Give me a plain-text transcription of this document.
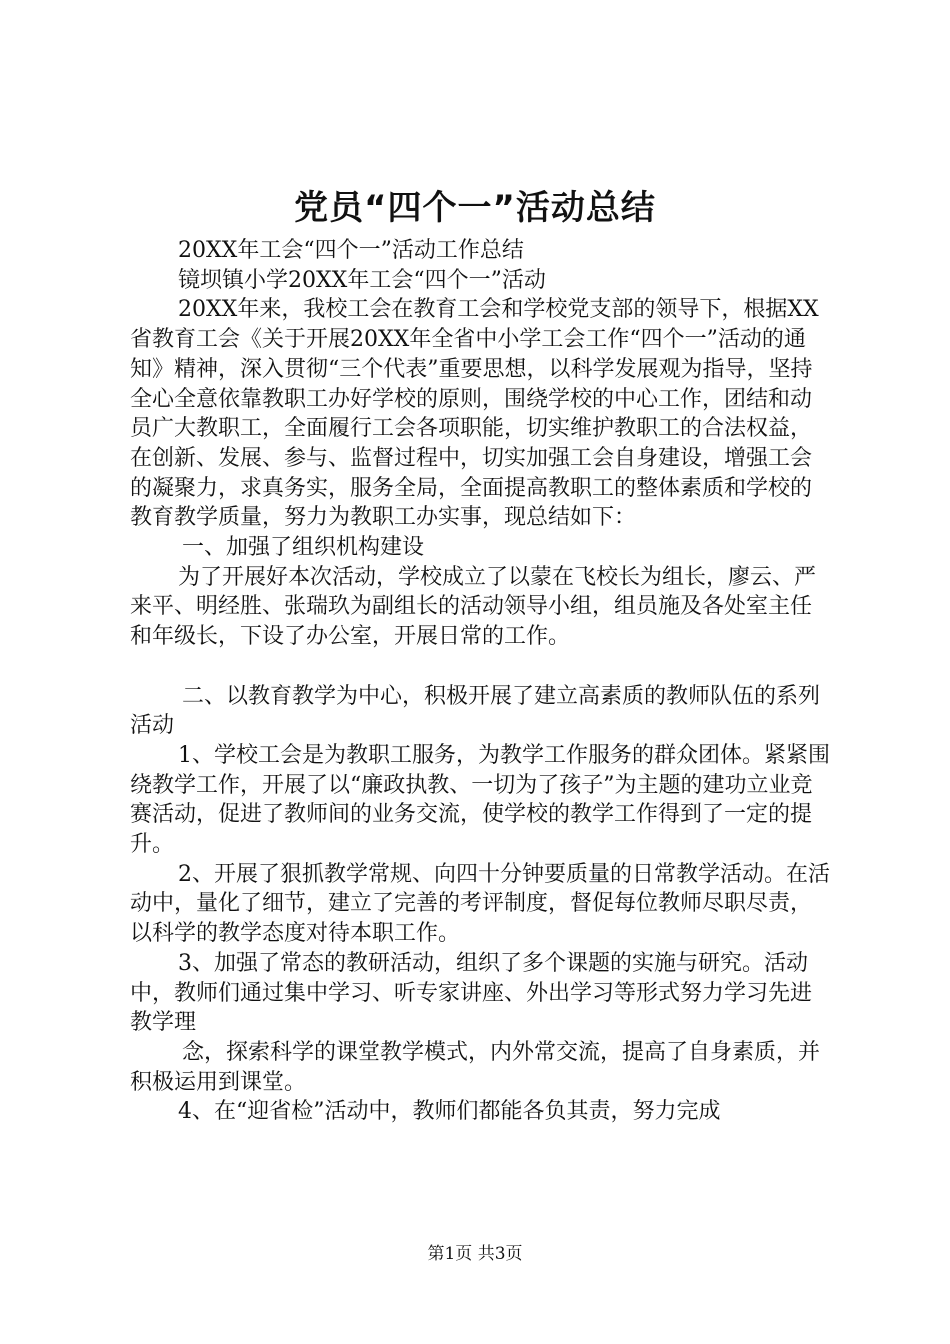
党员“四个一”活动总结

20XX年工会“四个一”活动工作总结

镜坝镇小学20XX年工会“四个一”活动

20XX年来，我校工会在教育工会和学校党支部的领导下，根据XX省教育工会《关于开展20XX年全省中小学工会工作“四个一”活动的通知》精神，深入贯彻“三个代表”重要思想，以科学发展观为指导，坚持全心全意依靠教职工办好学校的原则，围绕学校的中心工作，团结和动员广大教职工，全面履行工会各项职能，切实维护教职工的合法权益，在创新、发展、参与、监督过程中，切实加强工会自身建设，增强工会的凝聚力，求真务实，服务全局，全面提高教职工的整体素质和学校的教育教学质量，努力为教职工办实事，现总结如下：

一、加强了组织机构建设

为了开展好本次活动，学校成立了以蒙在飞校长为组长，廖云、严来平、明经胜、张瑞玖为副组长的活动领导小组，组员施及各处室主任和年级长，下设了办公室，开展日常的工作。

二、以教育教学为中心，积极开展了建立高素质的教师队伍的系列活动

1、学校工会是为教职工服务，为教学工作服务的群众团体。紧紧围绕教学工作，开展了以“廉政执教、一切为了孩子”为主题的建功立业竞赛活动，促进了教师间的业务交流，使学校的教学工作得到了一定的提升。

2、开展了狠抓教学常规、向四十分钟要质量的日常教学活动。在活动中，量化了细节，建立了完善的考评制度，督促每位教师尽职尽责，以科学的教学态度对待本职工作。

3、加强了常态的教研活动，组织了多个课题的实施与研究。活动中，教师们通过集中学习、听专家讲座、外出学习等形式努力学习先进教学理

念，探索科学的课堂教学模式，内外常交流，提高了自身素质，并积极运用到课堂。

4、在“迎省检”活动中，教师们都能各负其责，努力完成

第1页 共3页
